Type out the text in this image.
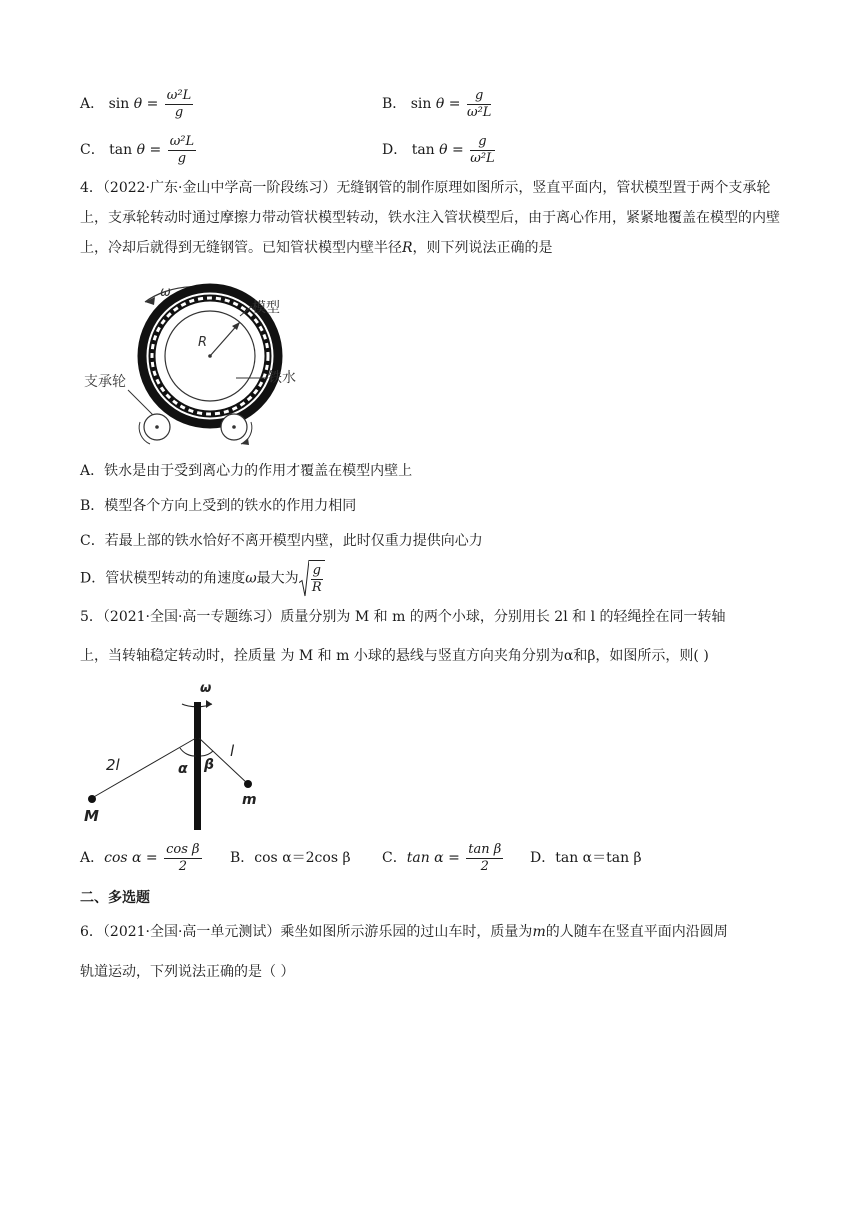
A． $\sin \theta = \frac{\text{ω²L}}{g}$	B． $\sin \theta = \frac{g}{\text{ω²L}}$
C． $\tan \theta = \frac{\text{ω²L}}{g}$	D． $\tan \theta = \frac{g}{\text{ω²L}}$
4．（2022·广东·金山中学高一阶段练习）无缝钢管的制作原理如图所示，竖直平面内，管状模型置于两个支承轮上，支承轮转动时通过摩擦力带动管状模型转动，铁水注入管状模型后，由于离心作用，紧紧地覆盖在模型的内壁上，冷却后就得到无缝钢管。已知管状模型内壁半径R，则下列说法正确的是
ω
R
模型
铁水
支承轮
A．铁水是由于受到离心力的作用才覆盖在模型内壁上
B．模型各个方向上受到的铁水的作用力相同
C．若最上部的铁水恰好不离开模型内壁，此时仅重力提供向心力
D．管状模型转动的角速度ω最大为 $\frac{g}{R}$
5．（2021·全国·高一专题练习）质量分别为 M 和 m 的两个小球，分别用长 2l 和 l 的轻绳拴在同一转轴
上，当转轴稳定转动时，拴质量 为 M 和 m 小球的悬线与竖直方向夹角分别为α和β，如图所示，则( )
ω
2l
l
α β
M
m
A．$\cos \alpha = \frac{\text{cos β}}{2}$ B．cos α＝2cos β C．$\tan \alpha = \frac{\text{tan β}}{2}$ D．tan α＝tan β
二、多选题
6．（2021·全国·高一单元测试）乘坐如图所示游乐园的过山车时，质量为m的人随车在竖直平面内沿圆周
轨道运动，下列说法正确的是（ ）
